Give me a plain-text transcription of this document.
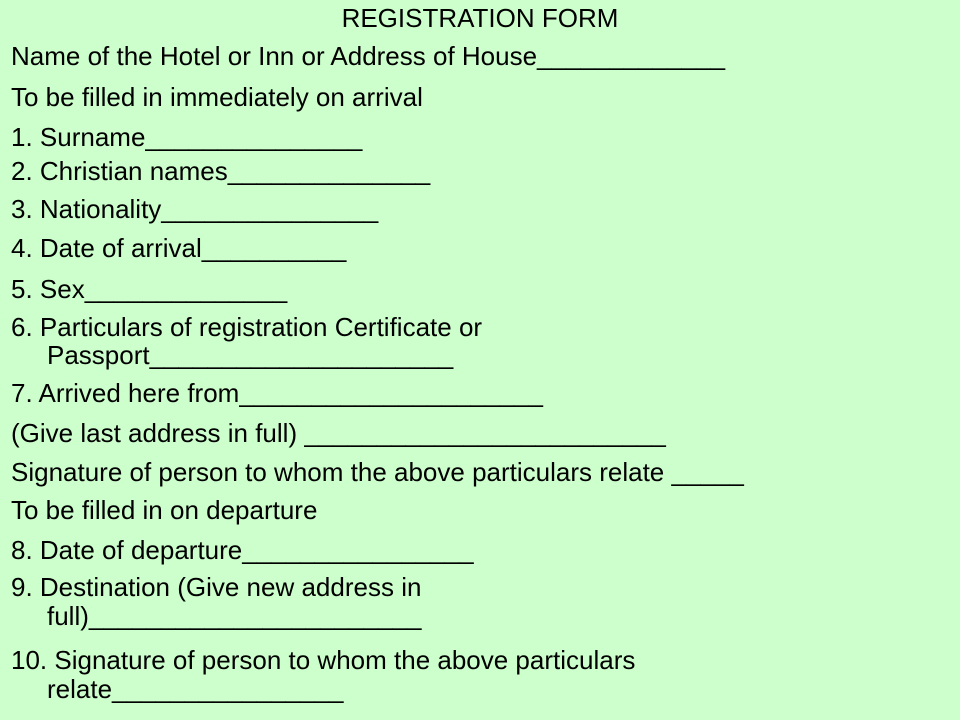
REGISTRATION FORM
Name of the Hotel or Inn or Address of House_____________
To be filled in immediately on arrival
1. Surname_______________
2. Christian names______________
3. Nationality_______________
4. Date of arrival__________
5. Sex______________
6. Particulars of registration Certificate or
Passport_____________________
7. Arrived here from_____________________
(Give last address in full) _________________________
Signature of person to whom the above particulars relate _____
To be filled in on departure
8. Date of departure________________
9. Destination (Give new address in
full)_______________________
10. Signature of person to whom the above particulars
relate________________
